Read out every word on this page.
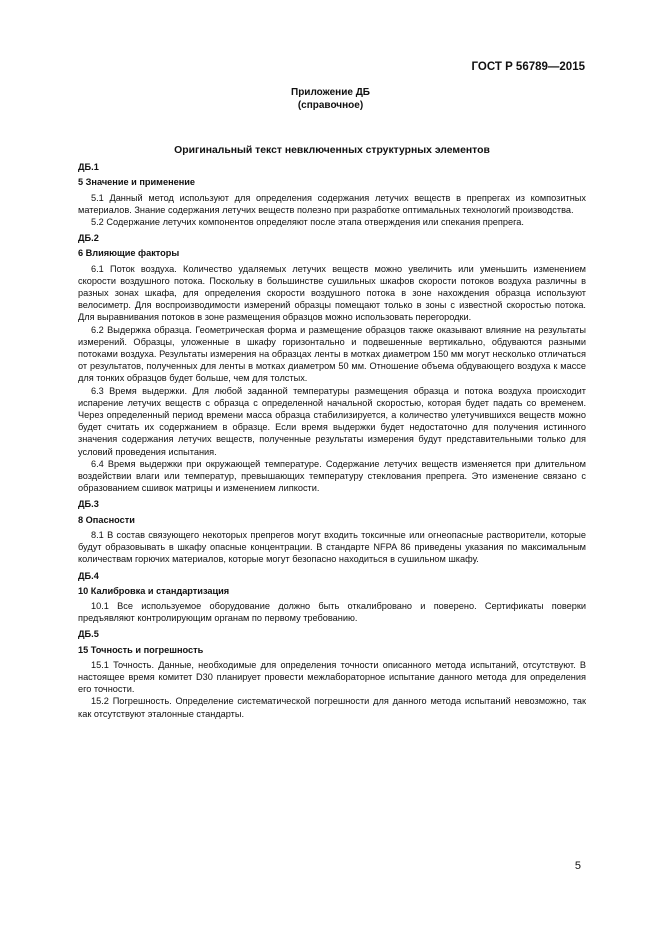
ГОСТ Р 56789—2015
Приложение ДБ
(справочное)
Оригинальный текст невключенных структурных элементов
ДБ.1
5 Значение и применение

5.1 Данный метод используют для определения содержания летучих веществ в препрегах из композитных материалов. Знание содержания летучих веществ полезно при разработке оптимальных технологий производства.

5.2 Содержание летучих компонентов определяют после этапа отверждения или спекания препрега.

ДБ.2
6 Влияющие факторы

6.1 Поток воздуха. Количество удаляемых летучих веществ можно увеличить или уменьшить изменением скорости воздушного потока. Поскольку в большинстве сушильных шкафов скорости потоков воздуха различны в разных зонах шкафа, для определения скорости воздушного потока в зоне нахождения образца используют велосиметр. Для воспроизводимости измерений образцы помещают только в зоны с известной скоростью потока. Для выравнивания потоков в зоне размещения образцов можно использовать перегородки.

6.2 Выдержка образца. Геометрическая форма и размещение образцов также оказывают влияние на результаты измерений. Образцы, уложенные в шкафу горизонтально и подвешенные вертикально, обдуваются разными потоками воздуха. Результаты измерения на образцах ленты в мотках диаметром 150 мм могут несколько отличаться от результатов, полученных для ленты в мотках диаметром 50 мм. Отношение объема обдувающего воздуха к массе для тонких образцов будет больше, чем для толстых.

6.3 Время выдержки. Для любой заданной температуры размещения образца и потока воздуха происходит испарение летучих веществ с образца с определенной начальной скоростью, которая будет падать со временем. Через определенный период времени масса образца стабилизируется, а количество улетучившихся веществ можно будет считать их содержанием в образце. Если время выдержки будет недостаточно для получения истинного значения содержания летучих веществ, полученные результаты измерения будут представительными только для условий проведения испытания.

6.4 Время выдержки при окружающей температуре. Содержание летучих веществ изменяется при длительном воздействии влаги или температур, превышающих температуру стеклования препрега. Это изменение связано с образованием сшивок матрицы и изменением липкости.

ДБ.3
8 Опасности

8.1 В состав связующего некоторых препрегов могут входить токсичные или огнеопасные растворители, которые будут образовывать в шкафу опасные концентрации. В стандарте NFPA 86 приведены указания по максимальным количествам горючих материалов, которые могут безопасно находиться в сушильном шкафу.

ДБ.4
10 Калибровка и стандартизация

10.1 Все используемое оборудование должно быть откалибровано и поверено. Сертификаты поверки предъявляют контролирующим органам по первому требованию.

ДБ.5
15 Точность и погрешность

15.1 Точность. Данные, необходимые для определения точности описанного метода испытаний, отсутствуют. В настоящее время комитет D30 планирует провести межлабораторное испытание данного метода для определения его точности.

15.2 Погрешность. Определение систематической погрешности для данного метода испытаний невозможно, так как отсутствуют эталонные стандарты.

5
